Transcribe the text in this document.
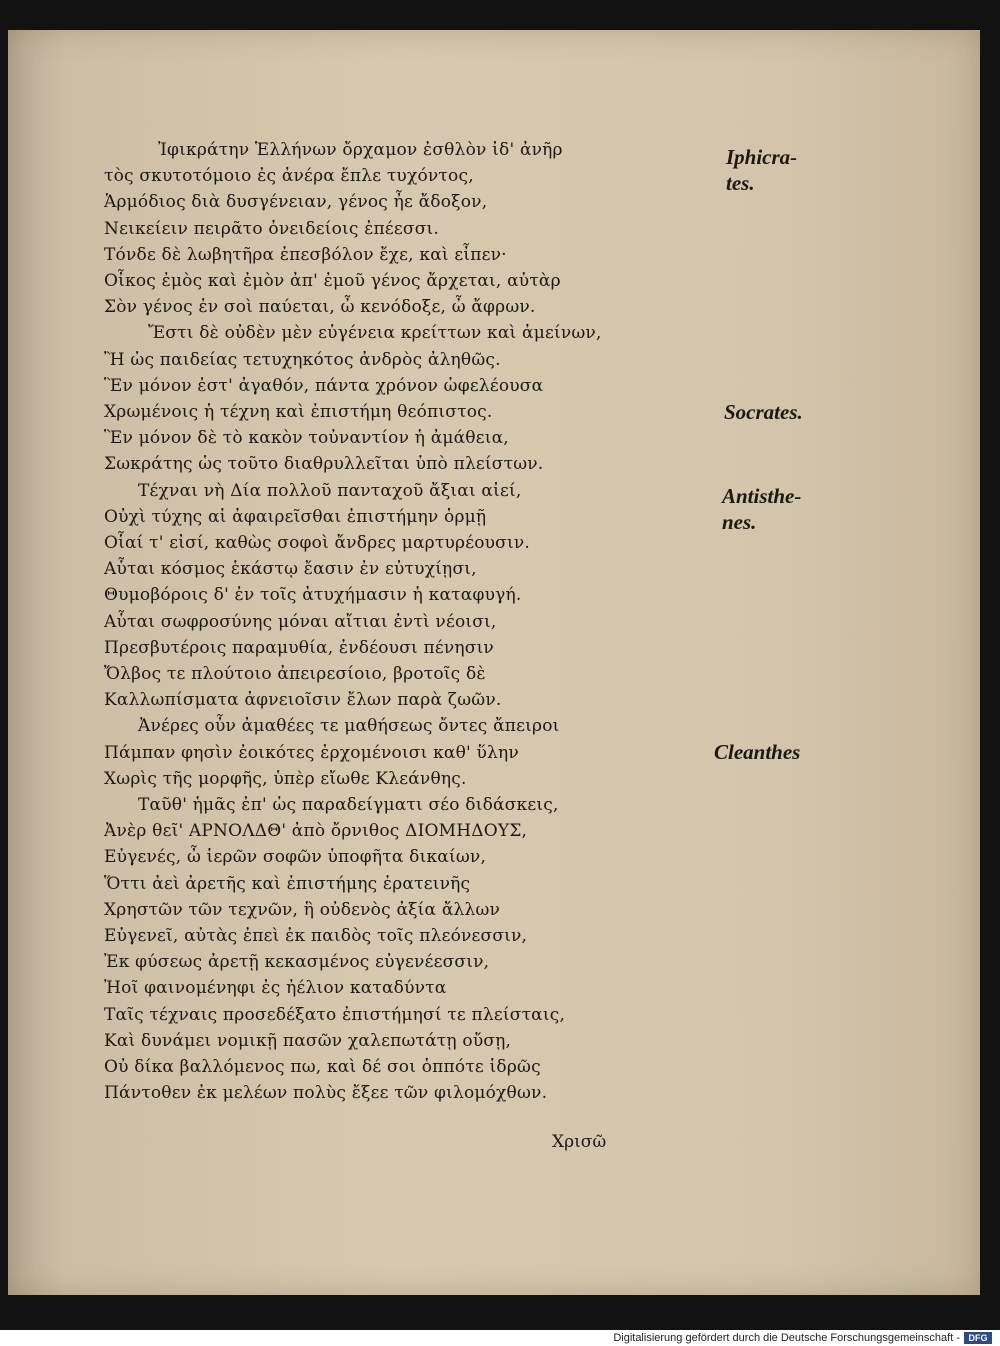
Ἰφικράτην Ἑλλήνων ὄρχαμον ἐσθλὸν ἰδ' ἀνῆρ
τὸς σκυτοτόμοιο ἐς ἀνέρα ἔπλε τυχόντος,
Ἁρμόδιος διὰ δυσγένειαν, γένος ἦε ἄδοξον,
Νεικείειν πειρᾶτο ὀνειδείοις ἐπέεσσι.
Τόνδε δὲ λωβητῆρα ἐπεσβόλον ἔχε, καὶ εἶπεν·
Οἶκος ἐμὸς καὶ ἐμὸν ἀπ' ἐμοῦ γένος ἄρχεται, αὐτὰρ
Σὸν γένος ἐν σοὶ παύεται, ὦ κενόδοξε, ὦ ἄφρων.
Ἔστι δὲ οὐδὲν μὲν εὐγένεια κρείττων καὶ ἀμείνων,
Ἢ ὡς παιδείας τετυχηκότος ἀνδρὸς ἀληθῶς.
Ἓν μόνον ἐστ' ἀγαθόν, πάντα χρόνον ὠφελέουσα
Χρωμένοις ἡ τέχνη καὶ ἐπιστήμη θεόπιστος.
Ἓν μόνον δὲ τὸ κακὸν τοὐναντίον ἡ ἀμάθεια,
Σωκράτης ὡς τοῦτο διαθρυλλεῖται ὑπὸ πλείστων.
Τέχναι νὴ Δία πολλοῦ πανταχοῦ ἄξιαι αἰεί,
Οὐχὶ τύχης αἱ ἀφαιρεῖσθαι ἐπιστήμην ὁρμῇ
Οἷαί τ' εἰσί, καθὼς σοφοὶ ἄνδρες μαρτυρέουσιν.
Αὗται κόσμος ἑκάστῳ ἔασιν ἐν εὐτυχίῃσι,
Θυμοβόροις δ' ἐν τοῖς ἀτυχήμασιν ἡ καταφυγή.
Αὗται σωφροσύνης μόναι αἴτιαι ἐντὶ νέοισι,
Πρεσβυτέροις παραμυθία, ἐνδέουσι πένησιν
Ὄλβος τε πλούτοιο ἀπειρεσίοιο, βροτοῖς δὲ
Καλλωπίσματα ἀφνειοῖσιν ἔλων παρὰ ζωῶν.
Ἀνέρες οὖν ἀμαθέες τε μαθήσεως ὄντες ἄπειροι
Πάμπαν φησὶν ἐοικότες ἐρχομένοισι καθ' ὕλην
Χωρὶς τῆς μορφῆς, ὑπὲρ εἴωθε Κλεάνθης.
Ταῦθ' ἡμᾶς ἐπ' ὡς παραδείγματι σέο διδάσκεις,
Ἀνὲρ θεῖ' ΑΡΝΟΛΔΘ' ἀπὸ ὄρνιθος ΔΙΟΜΗΔΟΥΣ,
Εὐγενές, ὦ ἱερῶν σοφῶν ὑποφῆτα δικαίων,
Ὅττι ἀεὶ ἀρετῆς καὶ ἐπιστήμης ἐρατεινῆς
Χρηστῶν τῶν τεχνῶν, ἣ οὐδενὸς ἀξία ἄλλων
Εὐγενεῖ, αὐτὰς ἐπεὶ ἐκ παιδὸς τοῖς πλεόνεσσιν,
Ἐκ φύσεως ἀρετῇ κεκασμένος εὐγενέεσσιν,
Ἠοῖ φαινομένηφι ἐς ἠέλιον καταδύντα
Ταῖς τέχναις προσεδέξατο ἐπιστήμησί τε πλείσταις,
Καὶ δυνάμει νομικῇ πασῶν χαλεπωτάτῃ οὔσῃ,
Οὐ δίκα βαλλόμενος πω, καὶ δέ σοι ὁππότε ἱδρῶς
Πάντοθεν ἐκ μελέων πολὺς ἔξεε τῶν φιλομόχθων.
Iphicra-
tes.
Socrates.
Antisthe-
nes.
Cleanthes
Χρισῶ
Digitalisierung gefördert durch die Deutsche Forschungsgemeinschaft - DFG
